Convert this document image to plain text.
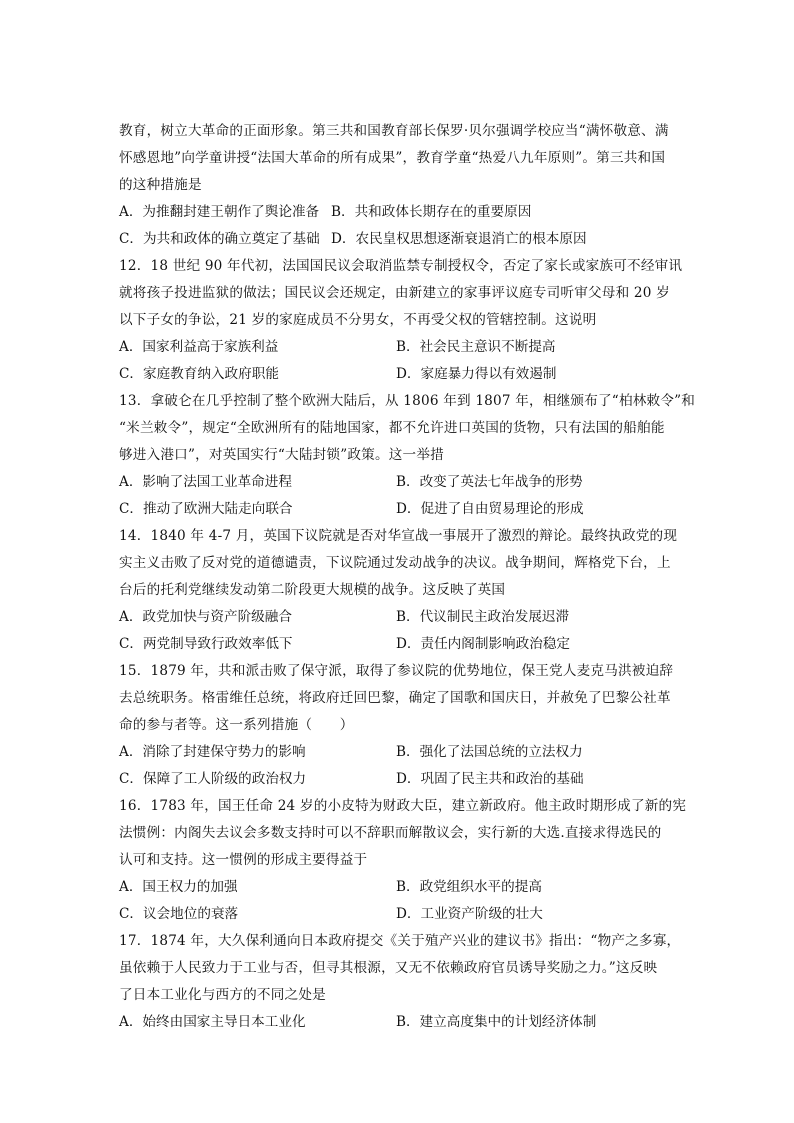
教育，树立大革命的正面形象。第三共和国教育部长保罗·贝尔强调学校应当“满怀敬意、满

怀感恩地”向学童讲授“法国大革命的所有成果”，教育学童“热爱八九年原则”。第三共和国

的这种措施是

A．为推翻封建王朝作了舆论准备 B．共和政体长期存在的重要原因
C．为共和政体的确立奠定了基础 D．农民皇权思想逐渐衰退消亡的根本原因

12．18 世纪 90 年代初，法国国民议会取消监禁专制授权令，否定了家长或家族可不经审讯

就将孩子投进监狱的做法；国民议会还规定，由新建立的家事评议庭专司听审父母和 20 岁

以下子女的争讼，21 岁的家庭成员不分男女，不再受父权的管辖控制。这说明

A．国家利益高于家族利益	B．社会民主意识不断提高
C．家庭教育纳入政府职能	D．家庭暴力得以有效遏制

13．拿破仑在几乎控制了整个欧洲大陆后，从 1806 年到 1807 年，相继颁布了“柏林敕令”和

“米兰敕令”，规定“全欧洲所有的陆地国家，都不允许进口英国的货物，只有法国的船舶能

够进入港口”，对英国实行“大陆封锁”政策。这一举措

A．影响了法国工业革命进程	B．改变了英法七年战争的形势
C．推动了欧洲大陆走向联合	D．促进了自由贸易理论的形成

14．1840 年 4-7 月，英国下议院就是否对华宣战一事展开了激烈的辩论。最终执政党的现

实主义击败了反对党的道德谴责，下议院通过发动战争的决议。战争期间，辉格党下台，上

台后的托利党继续发动第二阶段更大规模的战争。这反映了英国

A．政党加快与资产阶级融合	B．代议制民主政治发展迟滞
C．两党制导致行政效率低下	D．责任内阁制影响政治稳定

15．1879 年，共和派击败了保守派，取得了参议院的优势地位，保王党人麦克马洪被迫辞

去总统职务。格雷维任总统，将政府迁回巴黎，确定了国歌和国庆日，并赦免了巴黎公社革

命的参与者等。这一系列措施（　　）

A．消除了封建保守势力的影响	B．强化了法国总统的立法权力
C．保障了工人阶级的政治权力	D．巩固了民主共和政治的基础

16．1783 年，国王任命 24 岁的小皮特为财政大臣，建立新政府。他主政时期形成了新的宪

法惯例：内阁失去议会多数支持时可以不辞职而解散议会，实行新的大选.直接求得选民的

认可和支持。这一惯例的形成主要得益于

A．国王权力的加强	B．政党组织水平的提高
C．议会地位的衰落	D．工业资产阶级的壮大

17．1874 年，大久保利通向日本政府提交《关于殖产兴业的建议书》指出：“物产之多寡，

虽依赖于人民致力于工业与否，但寻其根源，又无不依赖政府官员诱导奖励之力。”这反映

了日本工业化与西方的不同之处是

A．始终由国家主导日本工业化	B．建立高度集中的计划经济体制
